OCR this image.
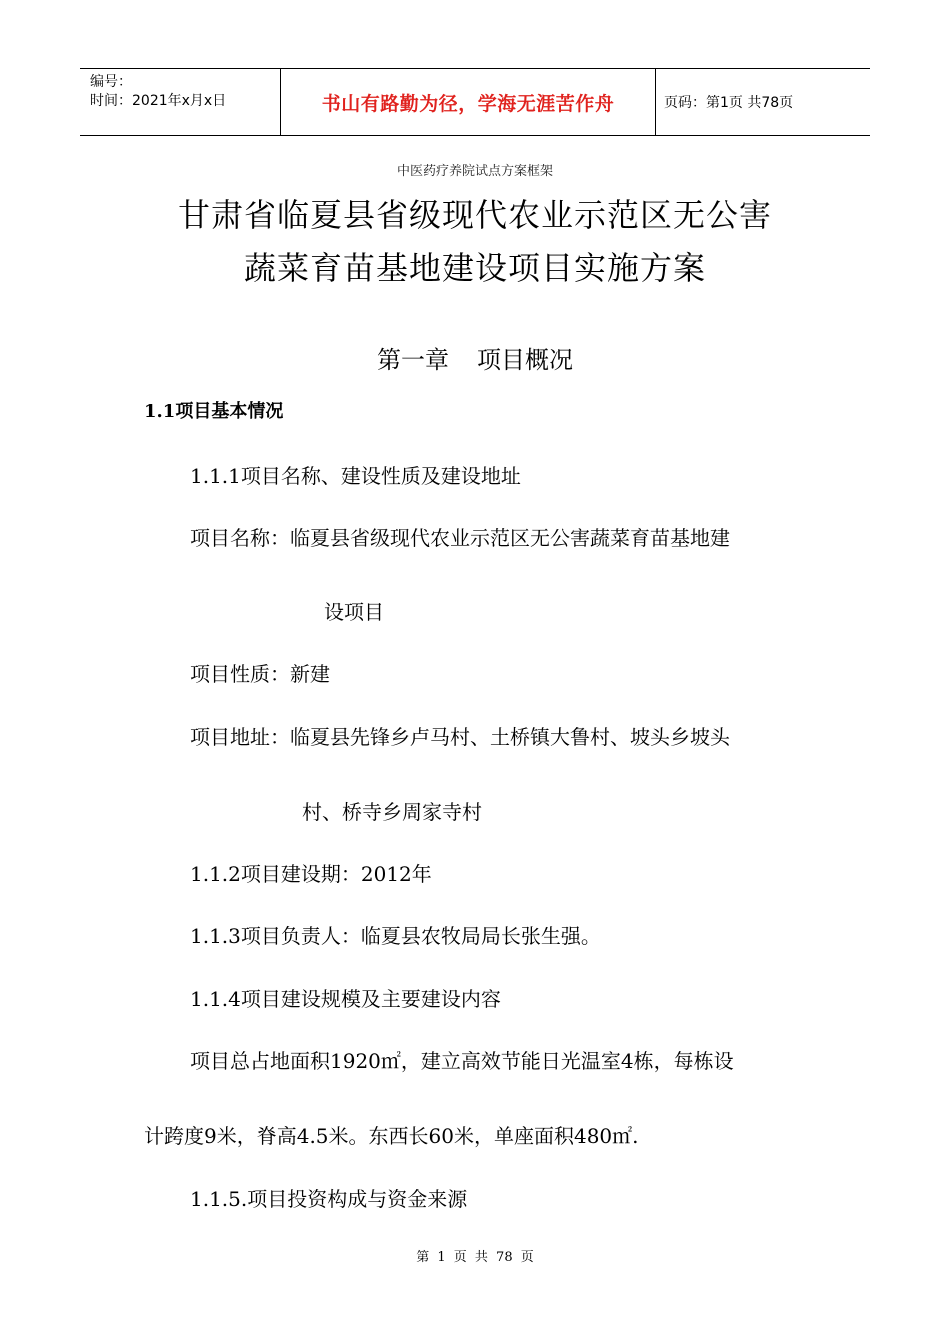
编号：
时间：2021年x月x日	书山有路勤为径，学海无涯苦作舟	页码：第1页 共78页
中医药疗养院试点方案框架
甘肃省临夏县省级现代农业示范区无公害
蔬菜育苗基地建设项目实施方案
第一章 项目概况
1.1项目基本情况
1.1.1项目名称、建设性质及建设地址
项目名称：临夏县省级现代农业示范区无公害蔬菜育苗基地建
设项目
项目性质：新建
项目地址：临夏县先锋乡卢马村、土桥镇大鲁村、坡头乡坡头
村、桥寺乡周家寺村
1.1.2项目建设期：2012年
1.1.3项目负责人：临夏县农牧局局长张生强。
1.1.4项目建设规模及主要建设内容
项目总占地面积1920㎡，建立高效节能日光温室4栋，每栋设
计跨度9米，脊高4.5米。东西长60米，单座面积480㎡.
1.1.5.项目投资构成与资金来源
第 1 页 共 78 页
